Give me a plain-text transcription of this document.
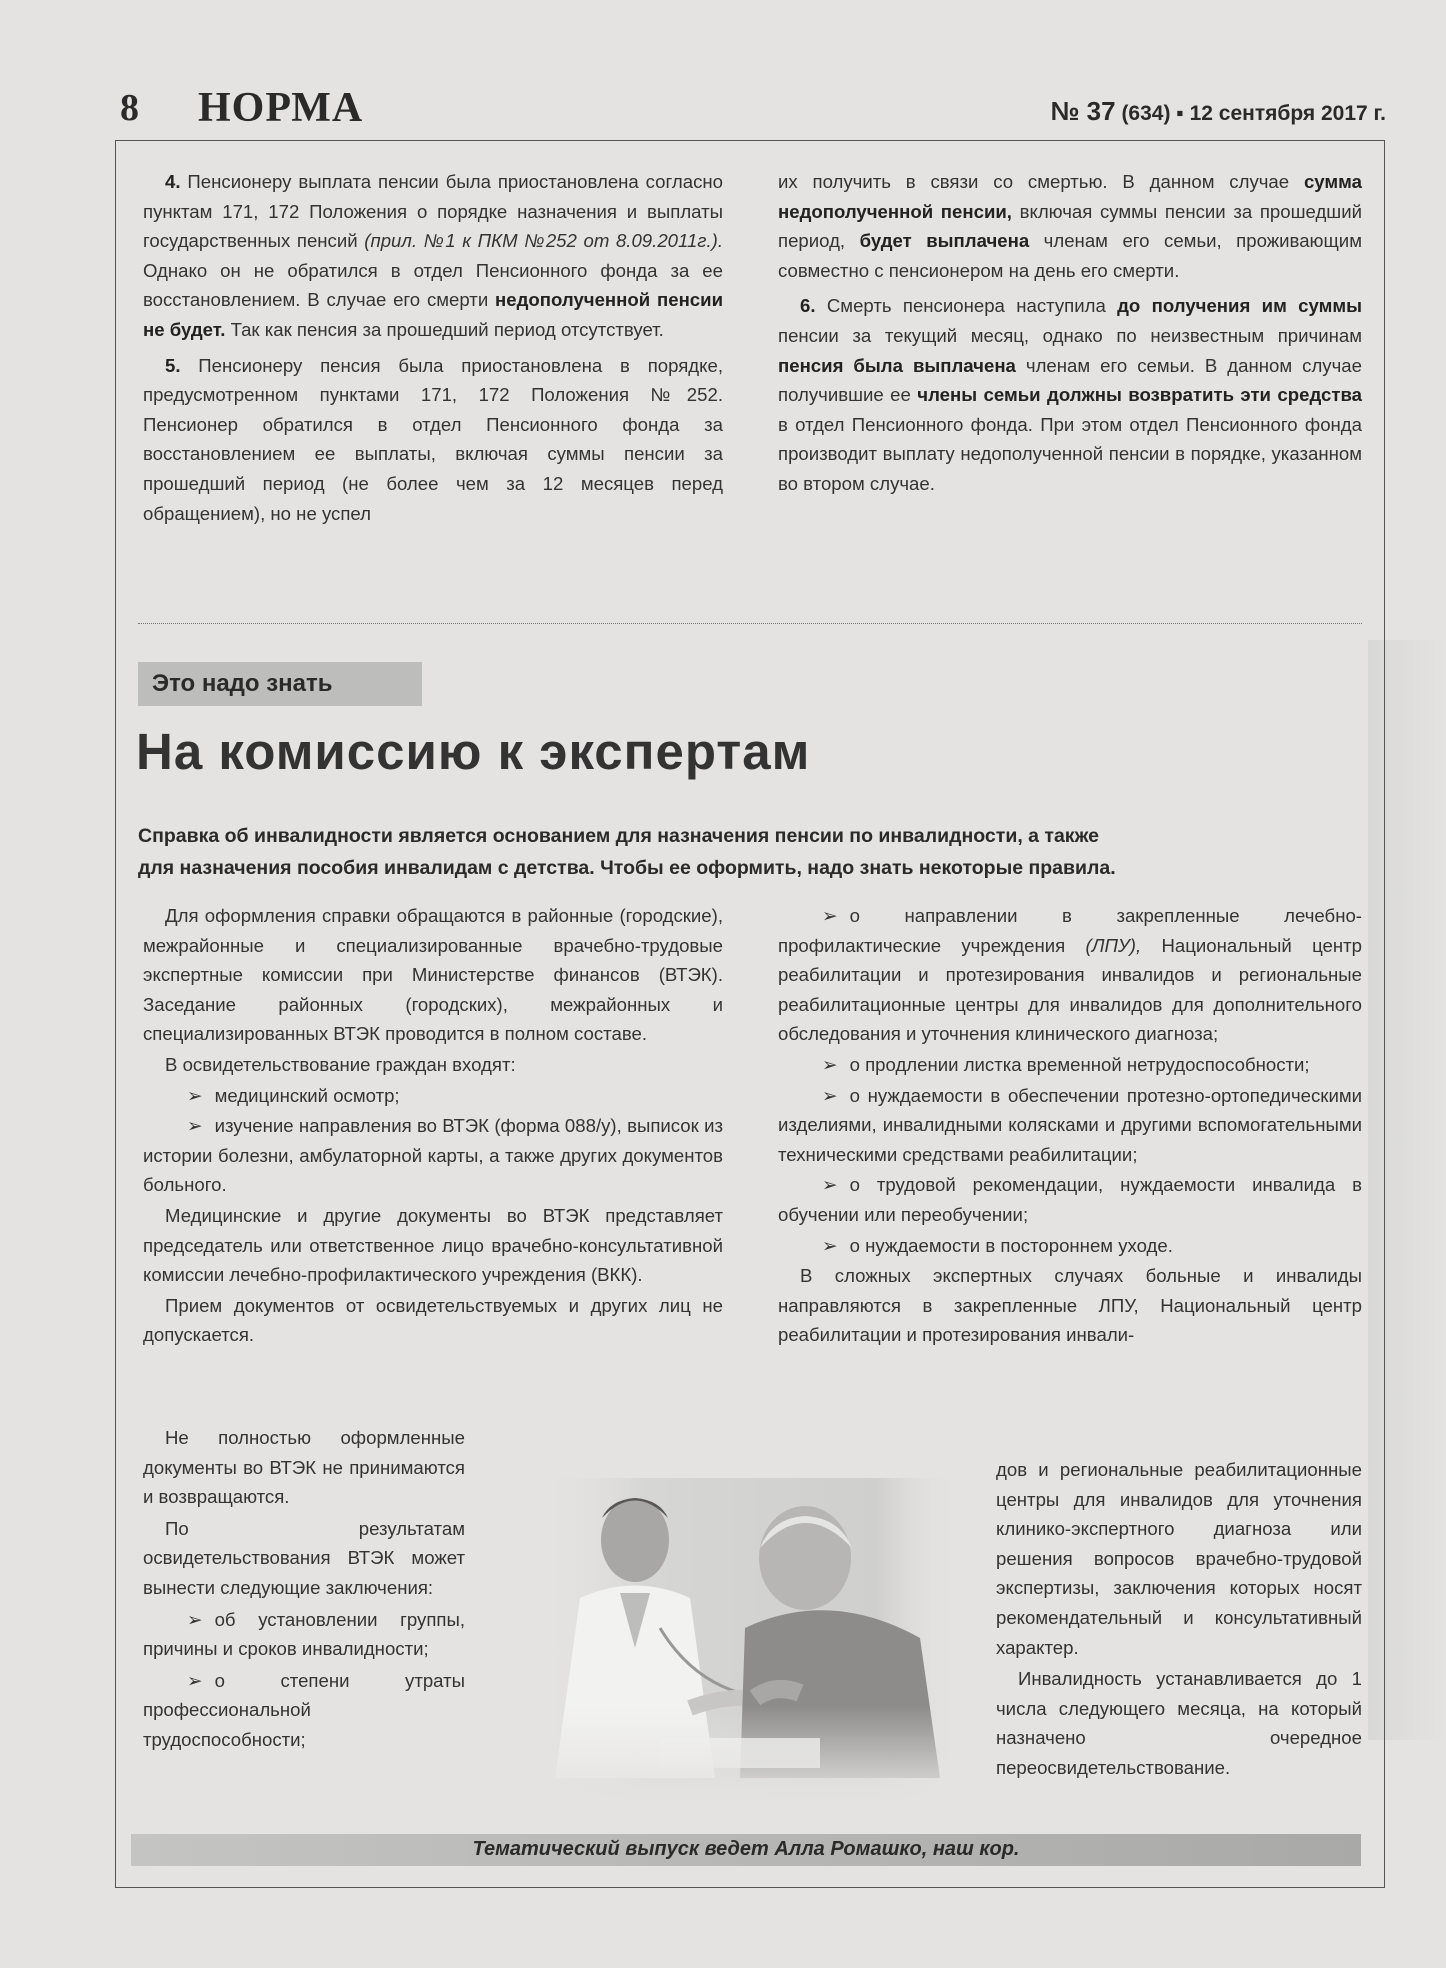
8 НОРМА	№ 37 (634) ▪ 12 сентября 2017 г.

4. Пенсионеру выплата пенсии была приостановлена согласно пунктам 171, 172 Положения о порядке назначения и выплаты государственных пенсий (прил. №1 к ПКМ №252 от 8.09.2011г.). Однако он не обратился в отдел Пенсионного фонда за ее восстановлением. В случае его смерти недополученной пенсии не будет. Так как пенсия за прошедший период отсутствует.

5. Пенсионеру пенсия была приостановлена в порядке, предусмотренном пунктами 171, 172 Положения №252. Пенсионер обратился в отдел Пенсионного фонда за восстановлением ее выплаты, включая суммы пенсии за прошедший период (не более чем за 12 месяцев перед обращением), но не успел

их получить в связи со смертью. В данном случае сумма недополученной пенсии, включая суммы пенсии за прошедший период, будет выплачена членам его семьи, проживающим совместно с пенсионером на день его смерти.

6. Смерть пенсионера наступила до получения им суммы пенсии за текущий месяц, однако по неизвестным причинам пенсия была выплачена членам его семьи. В данном случае получившие ее члены семьи должны возвратить эти средства в отдел Пенсионного фонда. При этом отдел Пенсионного фонда производит выплату недополученной пенсии в порядке, указанном во втором случае.

Это надо знать
На комиссию к экспертам
Справка об инвалидности является основанием для назначения пенсии по инвалидности, а также
для назначения пособия инвалидам с детства. Чтобы ее оформить, надо знать некоторые правила.

Для оформления справки обращаются в районные (городские), межрайонные и специализированные врачебно-трудовые экспертные комиссии при Министерстве финансов (ВТЭК). Заседание районных (городских), межрайонных и специализированных ВТЭК проводится в полном составе.

В освидетельствование граждан входят:

➢ медицинский осмотр;

➢ изучение направления во ВТЭК (форма 088/у), выписок из истории болезни, амбулаторной карты, а также других документов больного.

Медицинские и другие документы во ВТЭК представляет председатель или ответственное лицо врачебно-консультативной комиссии лечебно-профилактического учреждения (ВКК).

Прием документов от освидетельствуемых и других лиц не допускается.

Не полностью оформленные документы во ВТЭК не принимаются и возвращаются.

По результатам освидетельствования ВТЭК может вынести следующие заключения:

➢ об установлении группы, причины и сроков инвалидности;

➢ о степени утраты профессиональной трудоспособности;

➢ о направлении в закрепленные лечебно-профилактические учреждения (ЛПУ), Национальный центр реабилитации и протезирования инвалидов и региональные реабилитационные центры для инвалидов для дополнительного обследования и уточнения клинического диагноза;

➢ о продлении листка временной нетрудоспособности;

➢ о нуждаемости в обеспечении протезно-ортопедическими изделиями, инвалидными колясками и другими вспомогательными техническими средствами реабилитации;

➢ о трудовой рекомендации, нуждаемости инвалида в обучении или переобучении;

➢ о нуждаемости в постороннем уходе.

В сложных экспертных случаях больные и инвалиды направляются в закрепленные ЛПУ, Национальный центр реабилитации и протезирования инвали-

дов и региональные реабилитационные центры для инвалидов для уточнения клинико-экспертного диагноза или решения вопросов врачебно-трудовой экспертизы, заключения которых носят рекомендательный и консультативный характер.

Инвалидность устанавливается до 1 числа следующего месяца, на который назначено очередное переосвидетельствование.

Тематический выпуск ведет Алла Ромашко, наш кор.
